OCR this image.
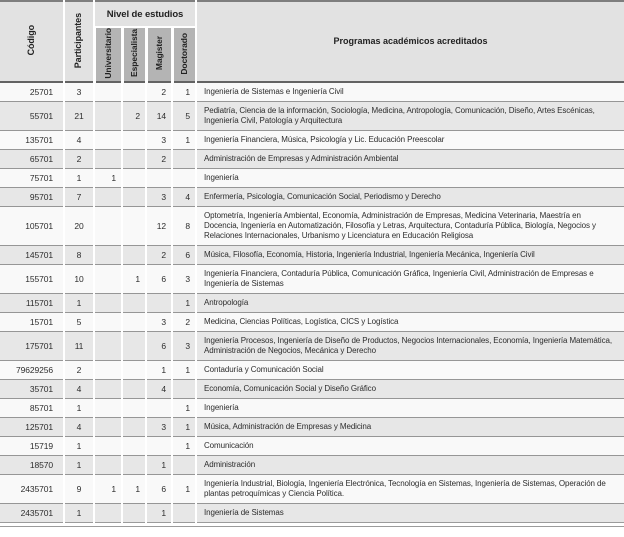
Código	Participantes	Nivel de estudios				Programas académicos acreditados
		Universitario	Especialista	Magister	Doctorado	
25701	3			2	1	Ingeniería de Sistemas e Ingeniería Civil
55701	21		2	14	5	Pediatría, Ciencia de la información, Sociología, Medicina, Antropología, Comunicación, Diseño, Artes Escénicas, Ingeniería Civil, Patología y Arquitectura
135701	4			3	1	Ingeniería Financiera, Música, Psicología y Lic. Educación Preescolar
65701	2			2		Administración de Empresas y Administración Ambiental
75701	1	1				Ingeniería
95701	7			3	4	Enfermería, Psicología, Comunicación Social, Periodismo y Derecho
105701	20			12	8	Optometría, Ingeniería Ambiental, Economía, Administración de Empresas, Medicina Veterinaria, Maestría en Docencia, Ingeniería en Automatización, Filosofía y Letras, Arquitectura, Contaduría Pública, Biología, Negocios y Relaciones Internacionales, Urbanismo y Licenciatura en Educación Religiosa
145701	8			2	6	Música, Filosofía, Economía, Historia, Ingeniería Industrial, Ingeniería Mecánica, Ingeniería Civil
155701	10		1	6	3	Ingeniería Financiera, Contaduría Pública, Comunicación Gráfica, Ingeniería Civil, Administración de Empresas e Ingeniería de Sistemas
115701	1				1	Antropología
15701	5			3	2	Medicina, Ciencias Políticas, Logística, CICS y Logística
175701	11			6	3	Ingeniería Procesos, Ingeniería de Diseño de Productos, Negocios Internacionales, Economía, Ingeniería Matemática, Administración de Negocios, Mecánica y Derecho
79629256	2			1	1	Contaduría y Comunicación Social
35701	4			4		Economía, Comunicación Social y Diseño Gráfico
85701	1				1	Ingeniería
125701	4			3	1	Música, Administración de Empresas y Medicina
15719	1				1	Comunicación
18570	1			1		Administración
2435701	9	1	1	6	1	Ingeniería Industrial, Biología, Ingeniería Electrónica, Tecnología en Sistemas, Ingeniería de Sistemas, Operación de plantas petroquímicas y Ciencia Política.
2435701	1			1		Ingeniería de Sistemas
